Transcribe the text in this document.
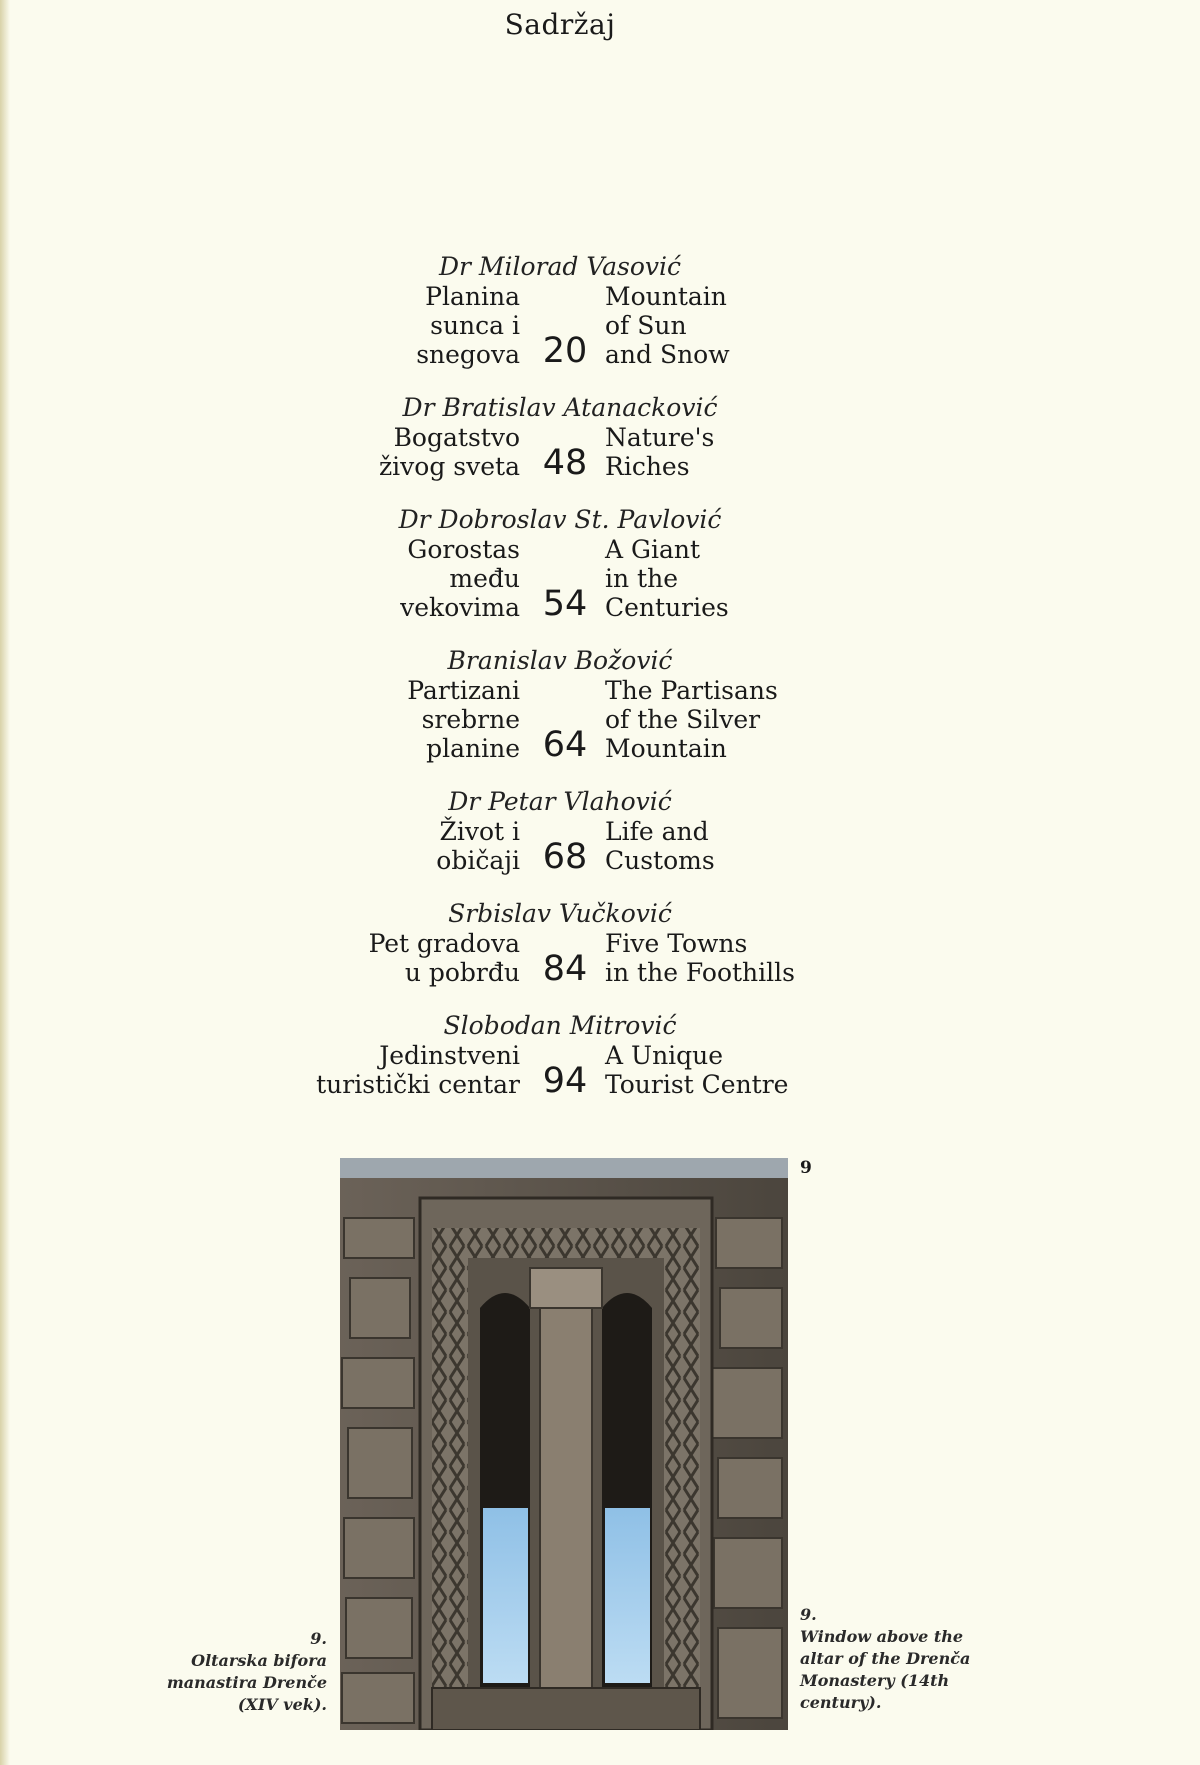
Sadržaj
Dr Milorad Vasović
Planina
sunca i
snegova 20
Mountain
of Sun
and Snow
Dr Bratislav Atanacković
Bogatstvo
živog sveta 48
Nature's
Riches
Dr Dobroslav St. Pavlović
Gorostas
među
vekovima 54
A Giant
in the
Centuries
Branislav Božović
Partizani
srebrne
planine 64
The Partisans
of the Silver
Mountain
Dr Petar Vlahović
Život i
običaji 68
Life and
Customs
Srbislav Vučković
Pet gradova
u pobrđu 84
Five Towns
in the Foothills
Slobodan Mitrović
Jedinstveni
turistički centar 94
A Unique
Tourist Centre
9
9.
Oltarska bifora
manastira Drenče
(XIV vek).
9.
Window above the
altar of the Drenča
Monastery (14th
century).
